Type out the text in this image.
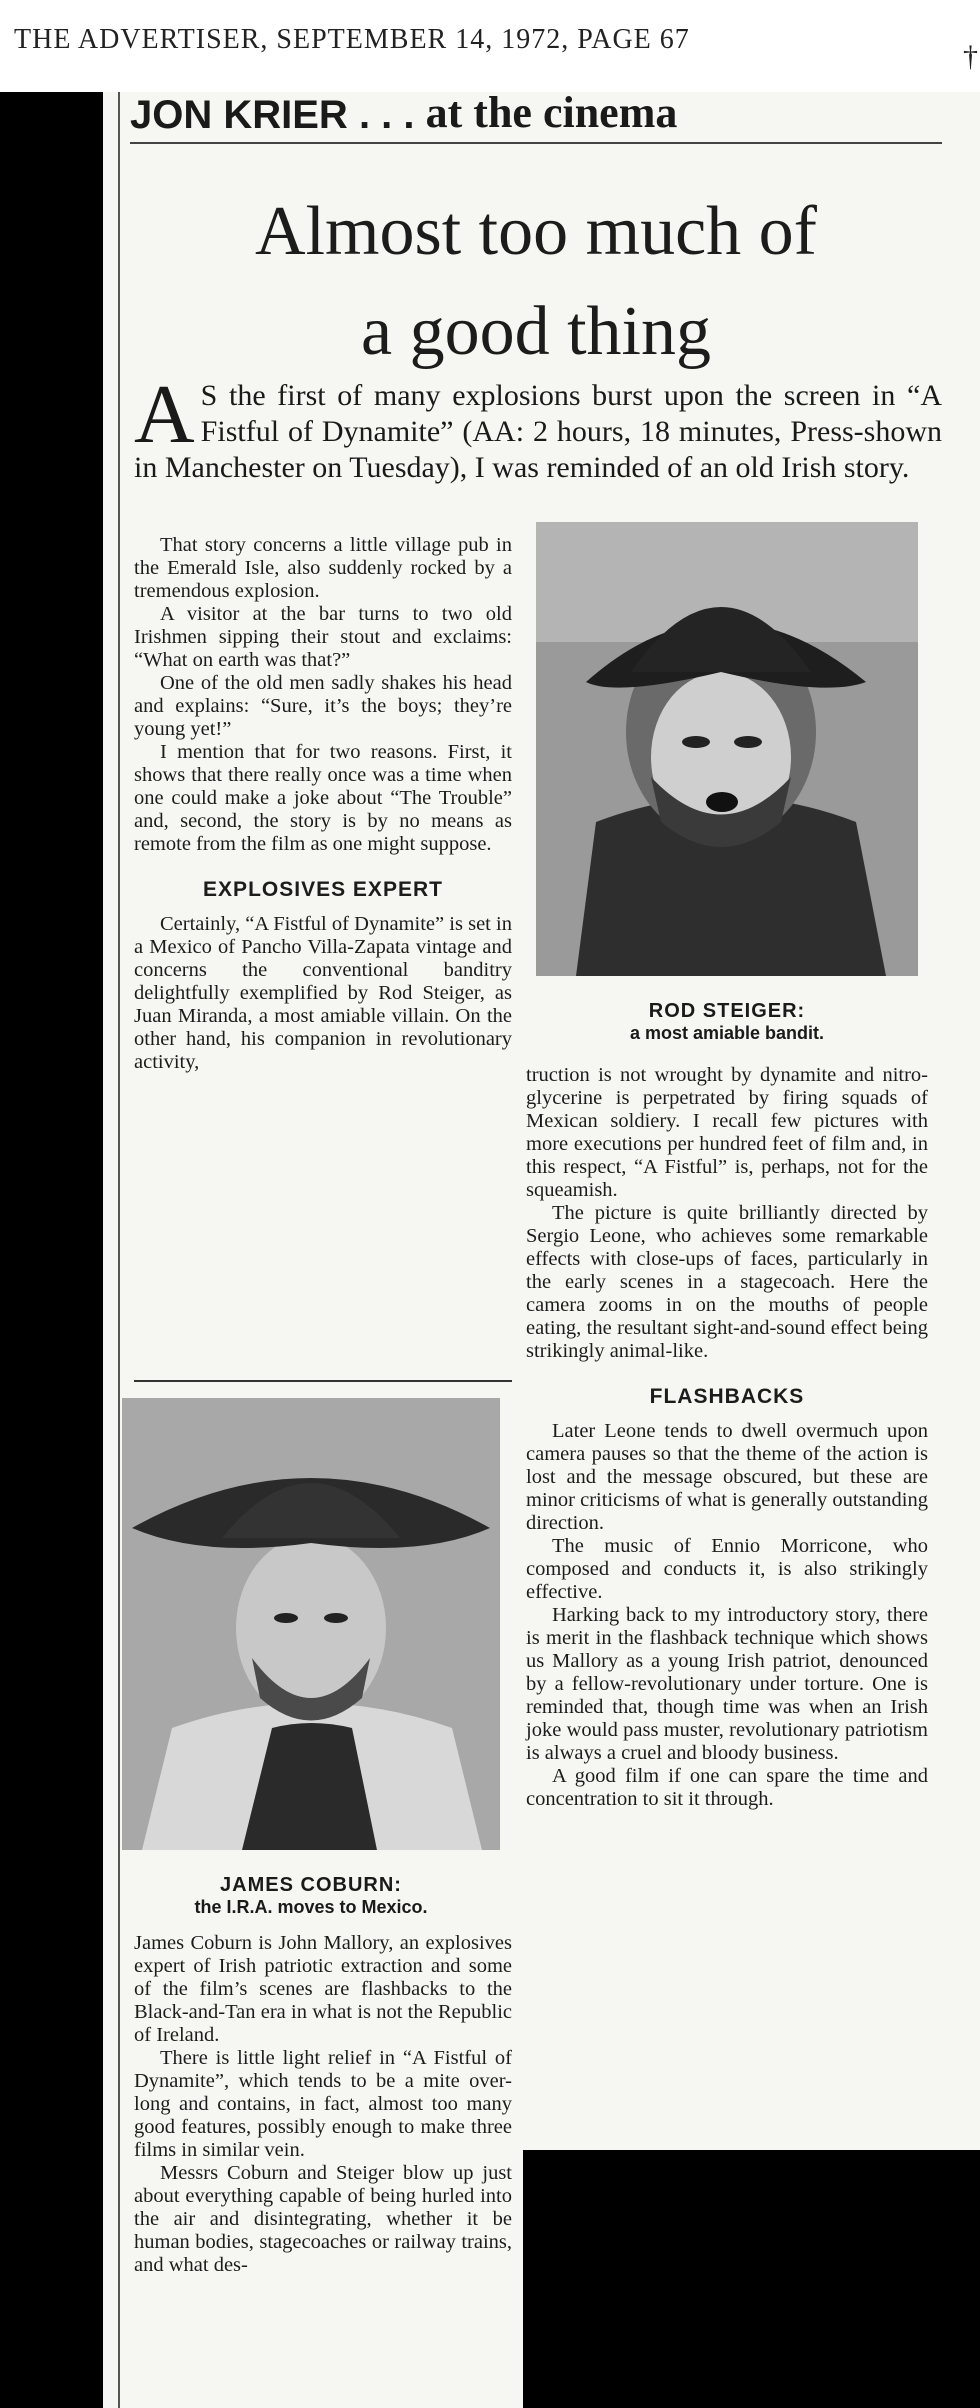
THE ADVERTISER, SEPTEMBER 14, 1972, PAGE 67
†
JON KRIER
. . .
at the cinema
Almost too much of
a good thing
A S the first of many explosions burst upon the screen in “A Fistful of Dynamite” (AA: 2 hours, 18 minutes, Press-shown in Manchester on Tuesday), I was reminded of an old Irish story.

That story concerns a little village pub in the Emerald Isle, also suddenly rocked by a tremendous explosion.

A visitor at the bar turns to two old Irishmen sipping their stout and exclaims: “What on earth was that?”

One of the old men sadly shakes his head and explains: “Sure, it’s the boys; they’re young yet!”

I mention that for two reasons. First, it shows that there really once was a time when one could make a joke about “The Trouble” and, second, the story is by no means as remote from the film as one might suppose.

EXPLOSIVES EXPERT

Certainly, “A Fistful of Dynamite” is set in a Mexico of Pancho Villa-Zapata vintage and concerns the conventional banditry delightfully exemplified by Rod Steiger, as Juan Miranda, a most amiable villain. On the other hand, his companion in revolutionary activity,

ROD STEIGER:
a most amiable bandit.

truction is not wrought by dynamite and nitro-glycerine is perpetrated by firing squads of Mexican soldiery. I recall few pictures with more executions per hundred feet of film and, in this respect, “A Fistful” is, perhaps, not for the squeamish.

The picture is quite brilliantly directed by Sergio Leone, who achieves some remarkable effects with close-ups of faces, particularly in the early scenes in a stagecoach. Here the camera zooms in on the mouths of people eating, the resultant sight-and-sound effect being strikingly animal-like.

FLASHBACKS

Later Leone tends to dwell overmuch upon camera pauses so that the theme of the action is lost and the message obscured, but these are minor criticisms of what is generally outstanding direction.

The music of Ennio Morricone, who composed and conducts it, is also strikingly effective.

Harking back to my introductory story, there is merit in the flashback technique which shows us Mallory as a young Irish patriot, denounced by a fellow-revolutionary under torture. One is reminded that, though time was when an Irish joke would pass muster, revolutionary patriotism is always a cruel and bloody business.

A good film if one can spare the time and concentration to sit it through.

JAMES COBURN:
the I.R.A. moves to Mexico.

James Coburn is John Mallory, an explosives expert of Irish patriotic extraction and some of the film’s scenes are flashbacks to the Black-and-Tan era in what is not the Republic of Ireland.

There is little light relief in “A Fistful of Dynamite”, which tends to be a mite over-long and contains, in fact, almost too many good features, possibly enough to make three films in similar vein.

Messrs Coburn and Steiger blow up just about everything capable of being hurled into the air and disintegrating, whether it be human bodies, stagecoaches or railway trains, and what des-
